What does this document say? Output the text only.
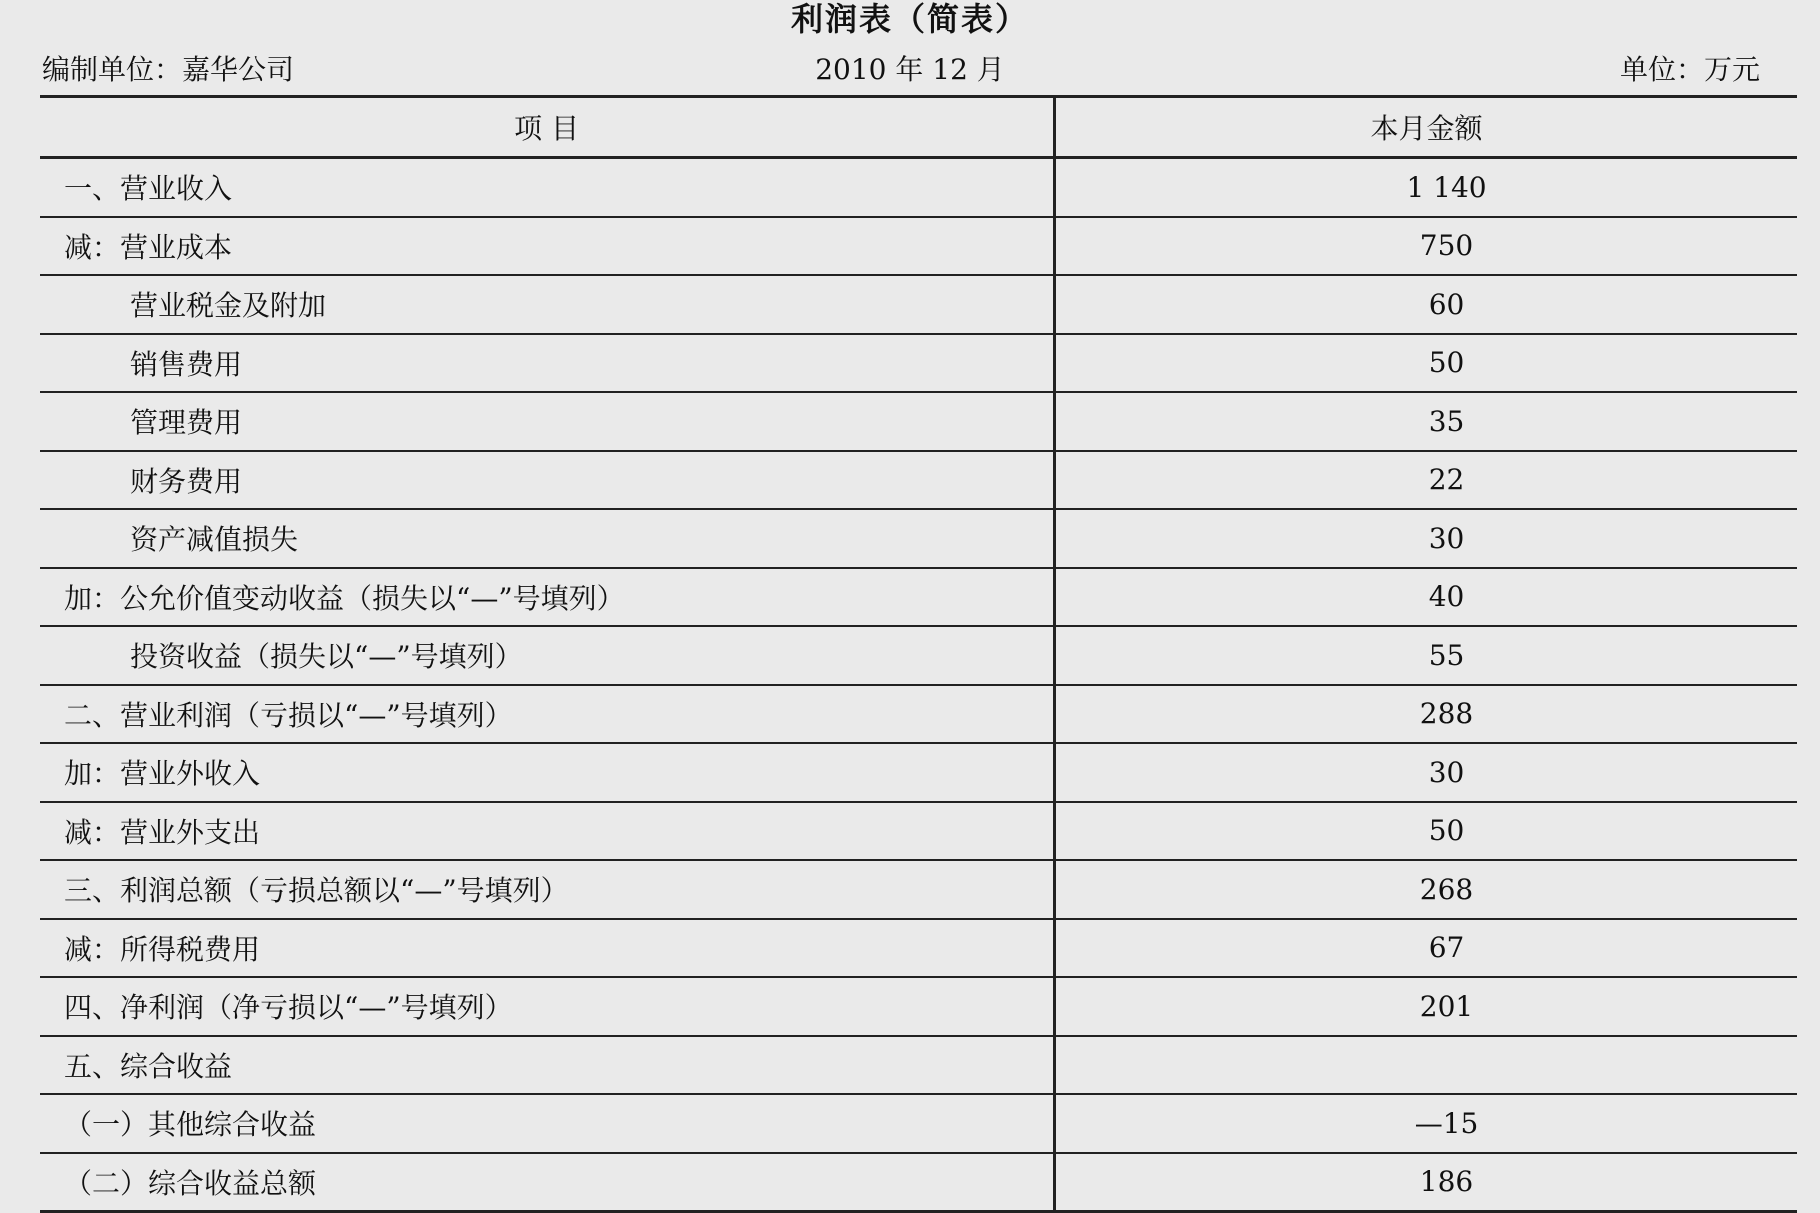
利润表（简表）
编制单位：嘉华公司	2010 年 12 月	单位：万元
项 目	本月金额
一、营业收入	1 140
减：营业成本	750
营业税金及附加	60
销售费用	50
管理费用	35
财务费用	22
资产减值损失	30
加：公允价值变动收益（损失以“—”号填列）	40
投资收益（损失以“—”号填列）	55
二、营业利润（亏损以“—”号填列）	288
加：营业外收入	30
减：营业外支出	50
三、利润总额（亏损总额以“—”号填列）	268
减：所得税费用	67
四、净利润（净亏损以“—”号填列）	201
五、综合收益	
（一）其他综合收益	—15
（二）综合收益总额	186
